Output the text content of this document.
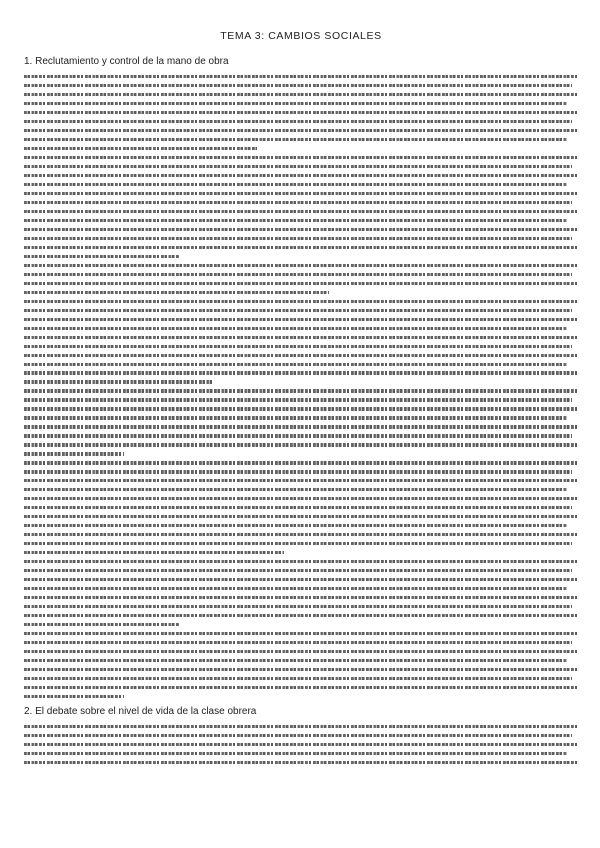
TEMA 3: CAMBIOS SOCIALES
1. Reclutamiento y control de la mano de obra
2. El debate sobre el nivel de vida de la clase obrera
